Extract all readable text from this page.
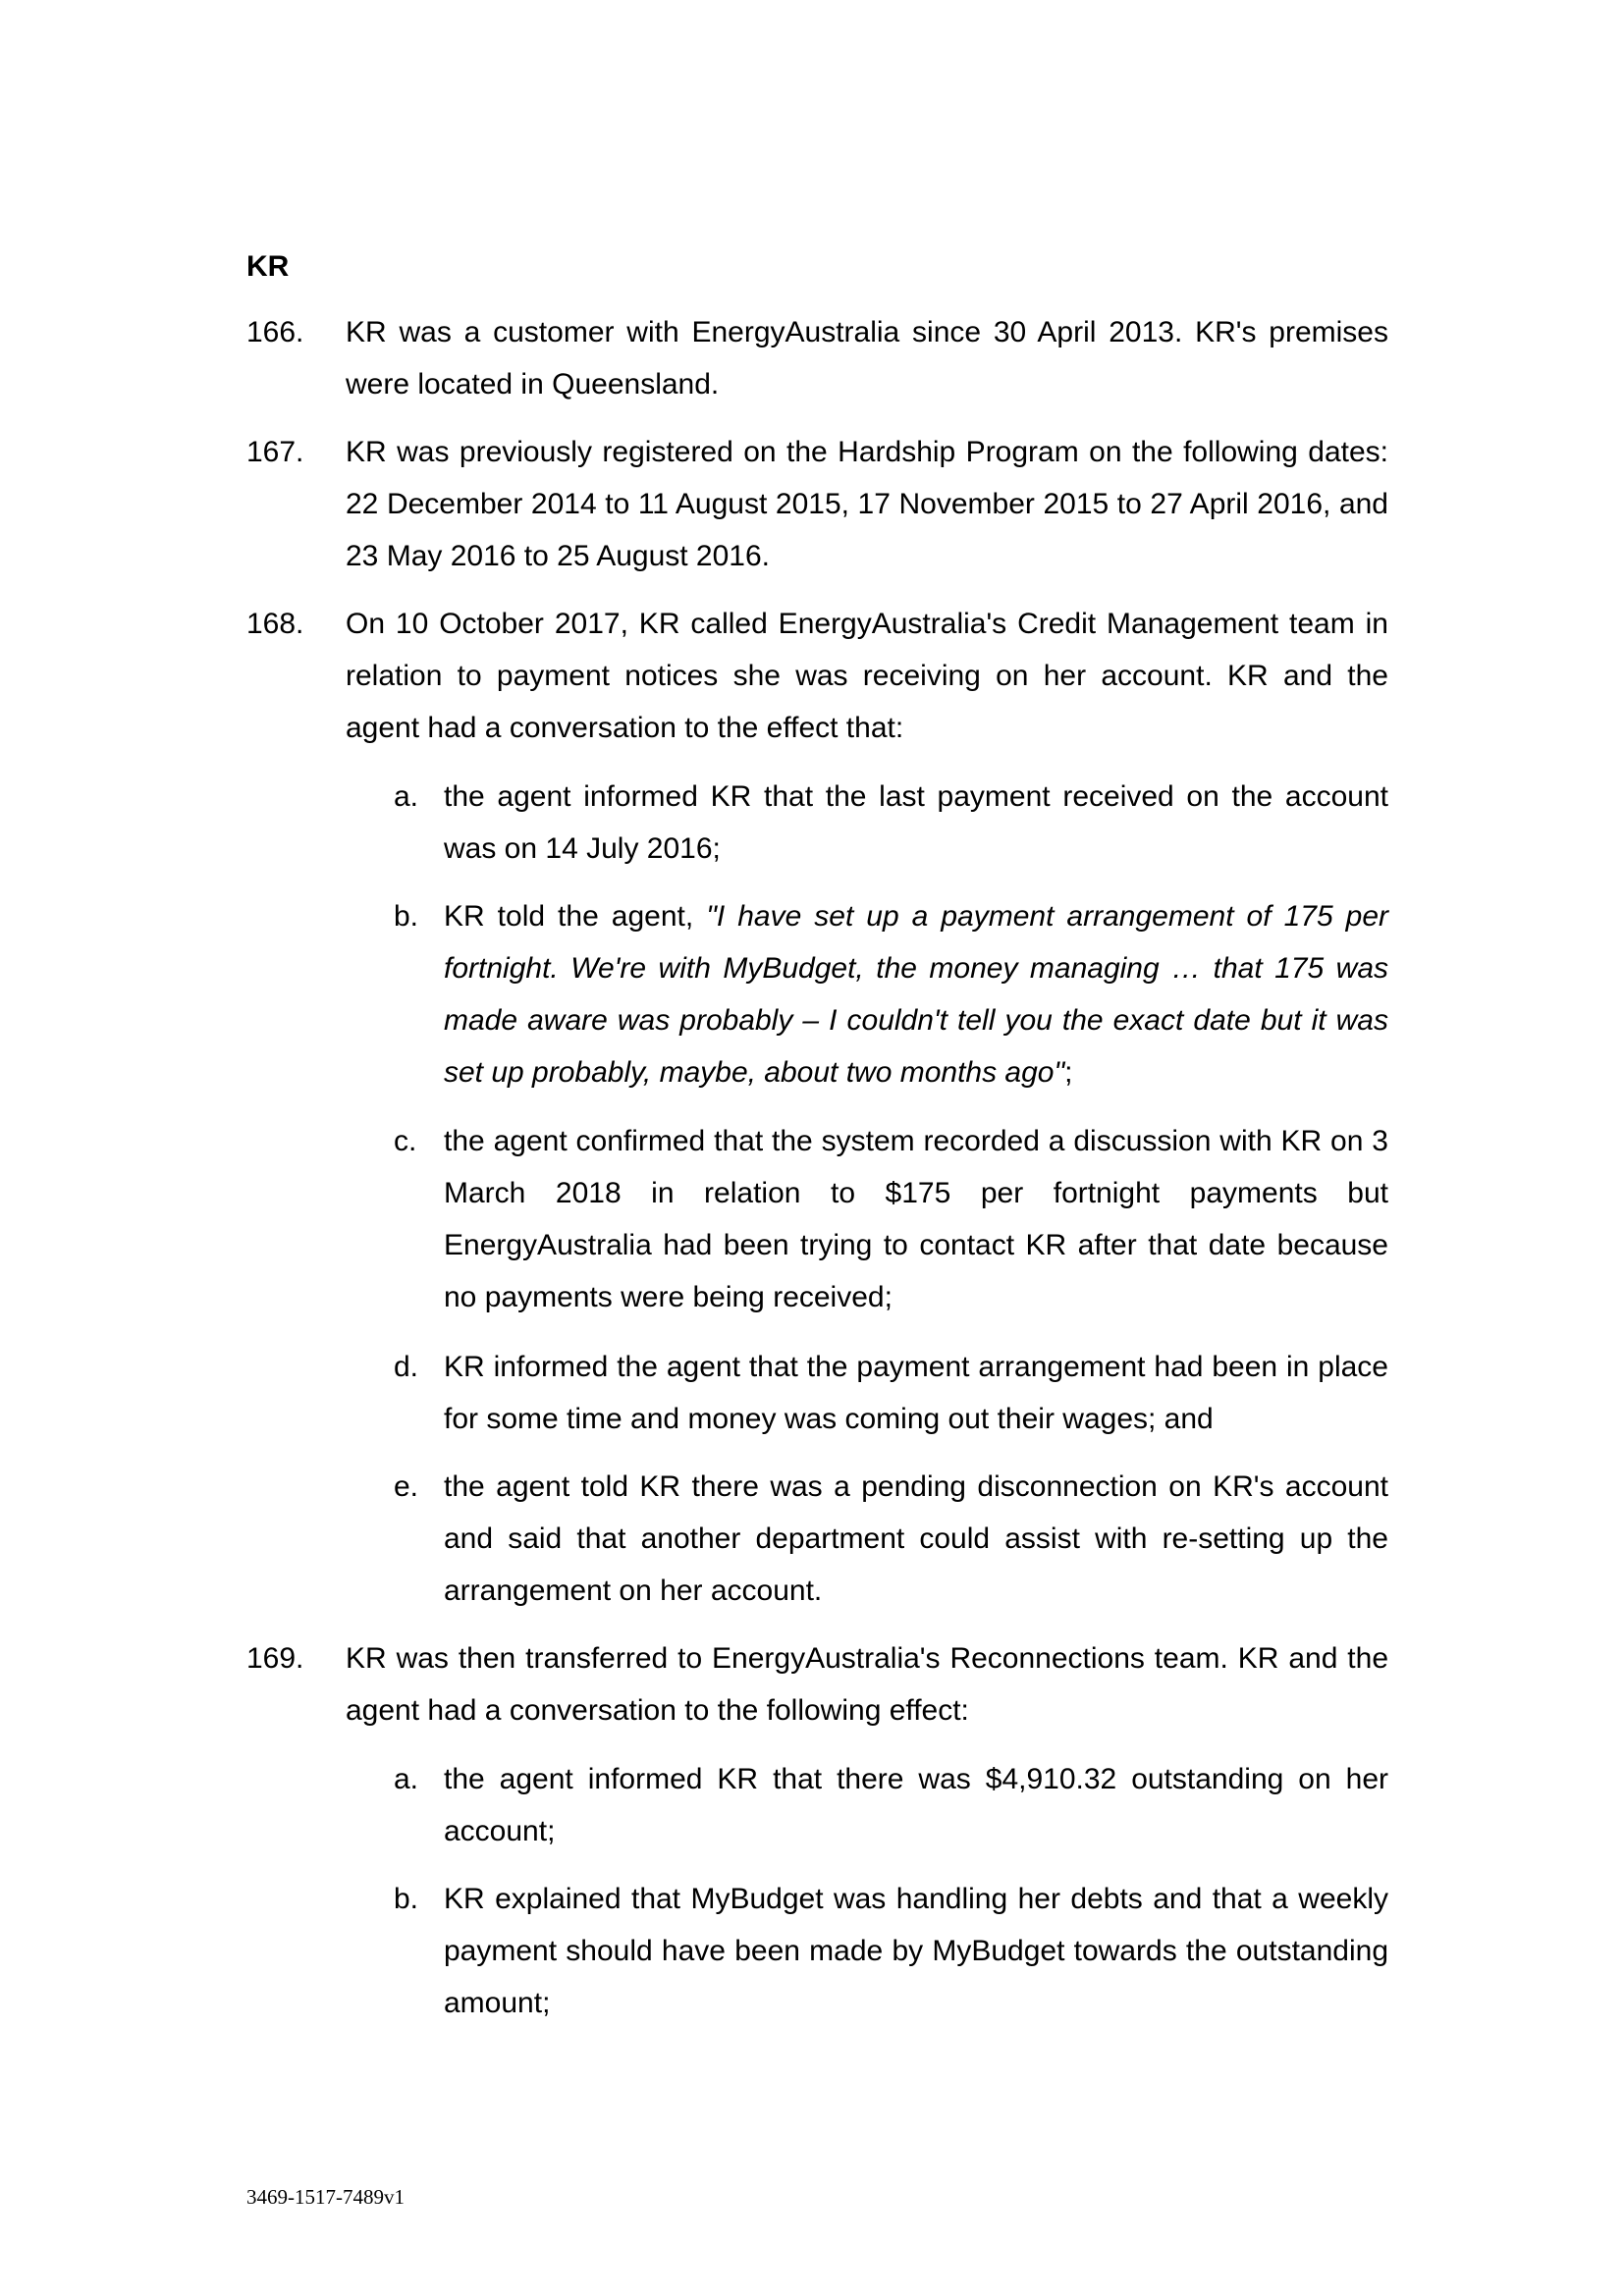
KR
166.	KR was a customer with EnergyAustralia since 30 April 2013. KR's premises were located in Queensland.
167.	KR was previously registered on the Hardship Program on the following dates: 22 December 2014 to 11 August 2015, 17 November 2015 to 27 April 2016, and 23 May 2016 to 25 August 2016.
168.	On 10 October 2017, KR called EnergyAustralia's Credit Management team in relation to payment notices she was receiving on her account. KR and the agent had a conversation to the effect that:
a. the agent informed KR that the last payment received on the account was on 14 July 2016;
b. KR told the agent, "I have set up a payment arrangement of 175 per fortnight. We're with MyBudget, the money managing … that 175 was made aware was probably – I couldn't tell you the exact date but it was set up probably, maybe, about two months ago";
c. the agent confirmed that the system recorded a discussion with KR on 3 March 2018 in relation to $175 per fortnight payments but EnergyAustralia had been trying to contact KR after that date because no payments were being received;
d. KR informed the agent that the payment arrangement had been in place for some time and money was coming out their wages; and
e. the agent told KR there was a pending disconnection on KR's account and said that another department could assist with re-setting up the arrangement on her account.
169.	KR was then transferred to EnergyAustralia's Reconnections team. KR and the agent had a conversation to the following effect:
a. the agent informed KR that there was $4,910.32 outstanding on her account;
b. KR explained that MyBudget was handling her debts and that a weekly payment should have been made by MyBudget towards the outstanding amount;
3469-1517-7489v1
